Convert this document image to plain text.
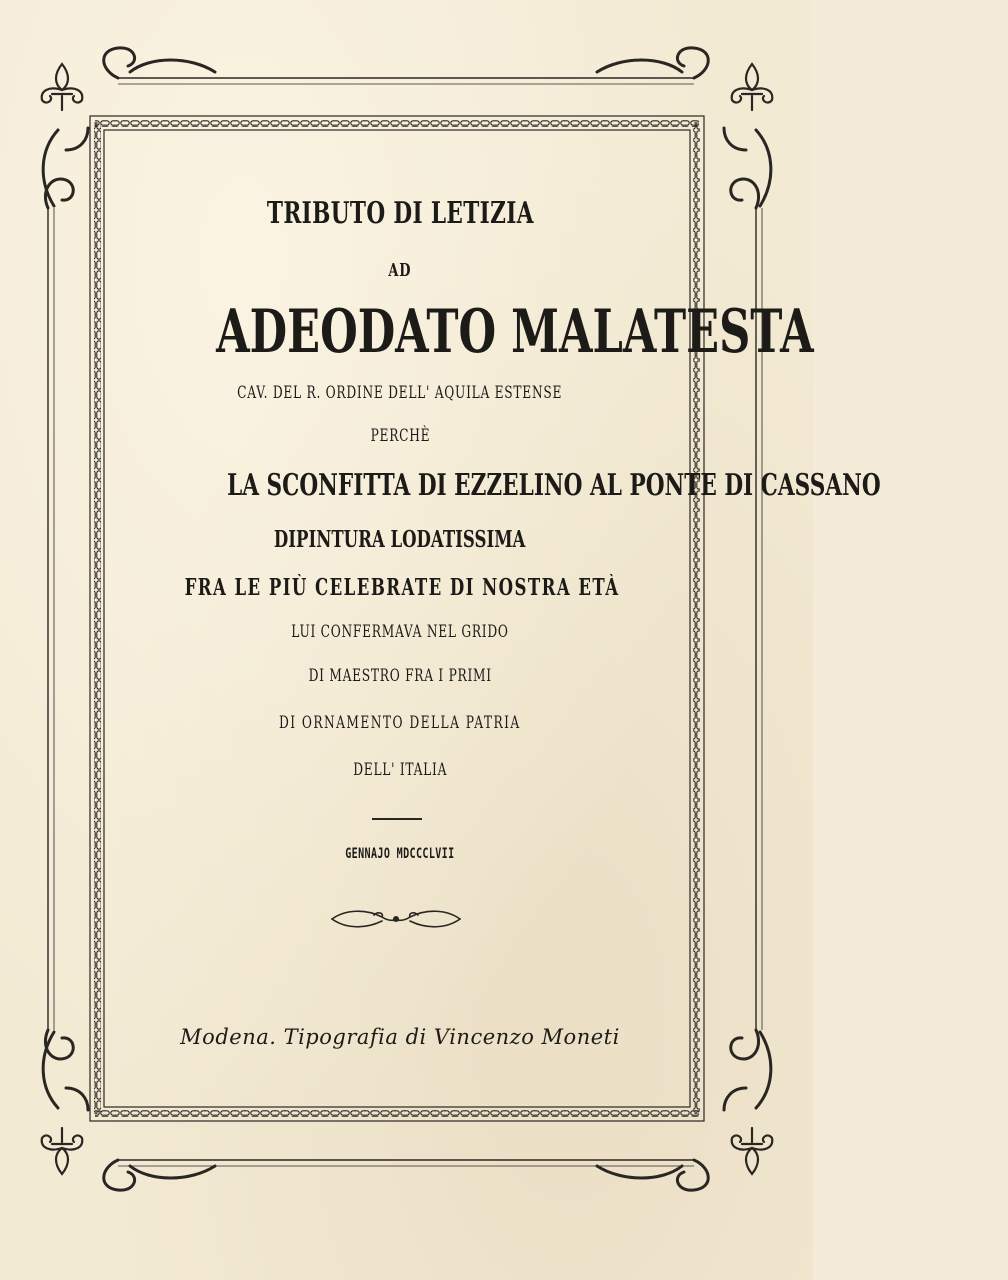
TRIBUTO DI LETIZIA
AD
ADEODATO MALATESTA
CAV. DEL R. ORDINE DELL' AQUILA ESTENSE
PERCHÈ
LA SCONFITTA DI EZZELINO AL PONTE DI CASSANO
DIPINTURA LODATISSIMA
FRA LE PIÙ CELEBRATE DI NOSTRA ETÀ
LUI CONFERMAVA NEL GRIDO
DI MAESTRO FRA I PRIMI
DI ORNAMENTO DELLA PATRIA
DELL' ITALIA
GENNAJO MDCCCLVII
Modena. Tipografia di Vincenzo Moneti
